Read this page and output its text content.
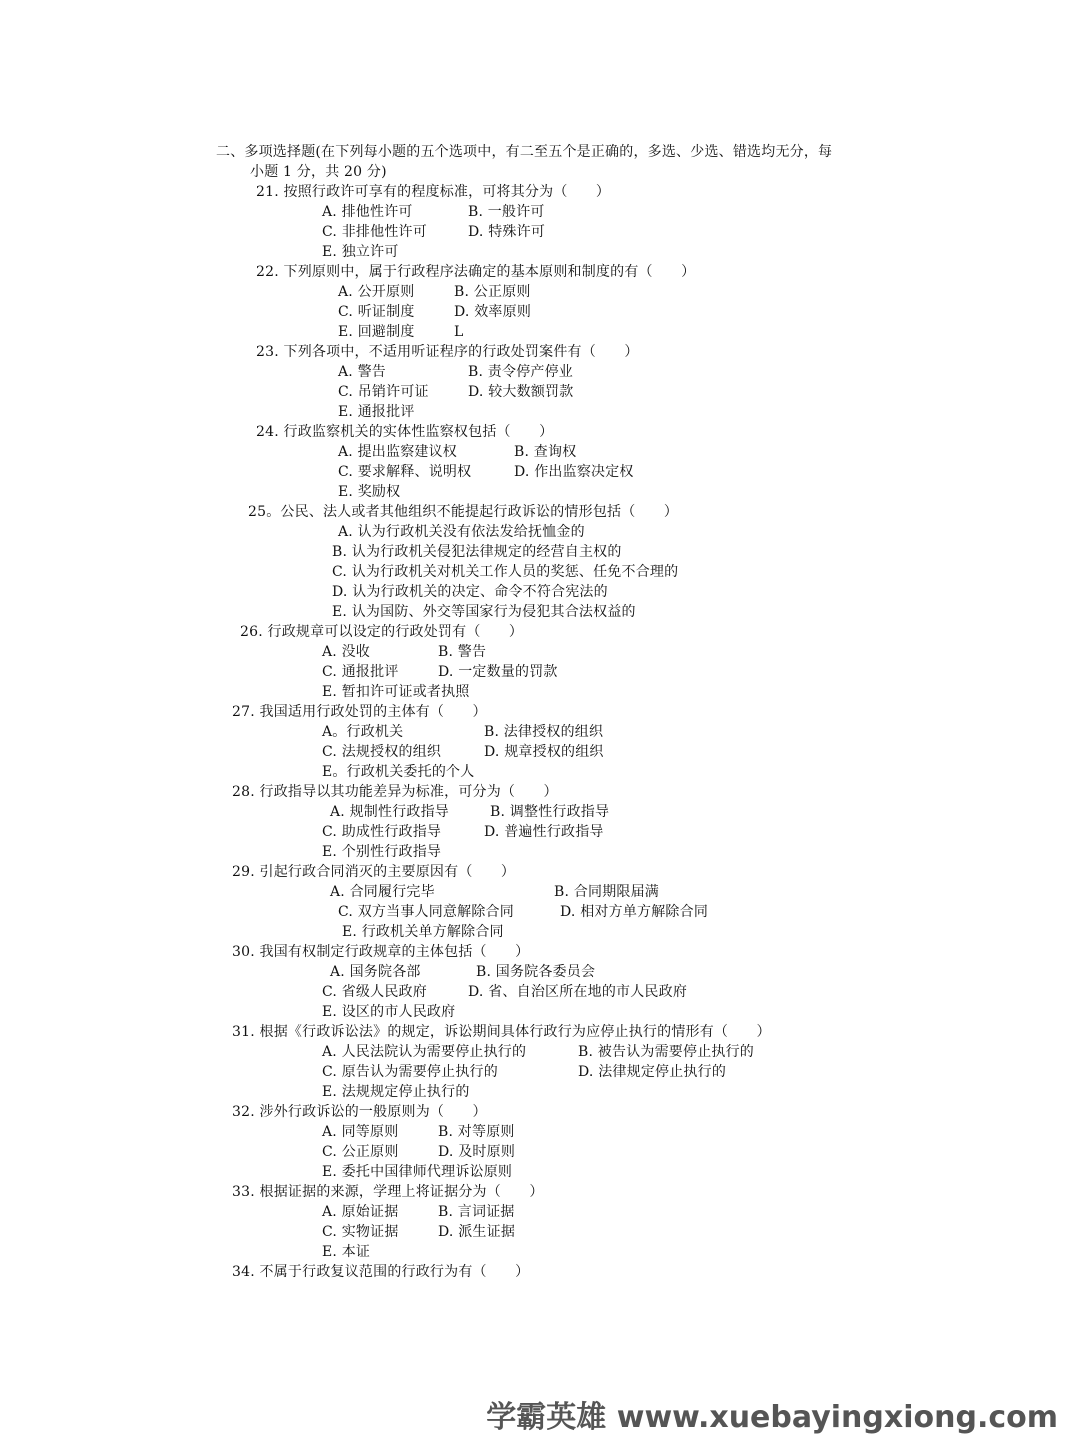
二、多项选择题(在下列每小题的五个选项中，有二至五个是正确的，多选、少选、错选均无分，每
小题 1 分，共 20 分)
21. 按照行政许可享有的程度标准，可将其分为（　　）
A. 排他性许可	B. 一般许可
C. 非排他性许可	D. 特殊许可
E. 独立许可
22. 下列原则中，属于行政程序法确定的基本原则和制度的有（　　）
A. 公开原则	B. 公正原则
C. 听证制度	D. 效率原则
E. 回避制度	L
23. 下列各项中，不适用听证程序的行政处罚案件有（　　）
A. 警告	B. 责令停产停业
C. 吊销许可证	D. 较大数额罚款
E. 通报批评
24. 行政监察机关的实体性监察权包括（　　）
A. 提出监察建议权	B. 查询权
C. 要求解释、说明权	D. 作出监察决定权
E. 奖励权
25。公民、法人或者其他组织不能提起行政诉讼的情形包括（　　）
A. 认为行政机关没有依法发给抚恤金的
B. 认为行政机关侵犯法律规定的经营自主权的
C. 认为行政机关对机关工作人员的奖惩、任免不合理的
D. 认为行政机关的决定、命令不符合宪法的
E. 认为国防、外交等国家行为侵犯其合法权益的
26. 行政规章可以设定的行政处罚有（　　）
A. 没收	B. 警告
C. 通报批评	D. 一定数量的罚款
E. 暂扣许可证或者执照
27. 我国适用行政处罚的主体有（　　）
A。行政机关	B. 法律授权的组织
C. 法规授权的组织	D. 规章授权的组织
E。行政机关委托的个人
28. 行政指导以其功能差异为标准，可分为（　　）
A. 规制性行政指导	B. 调整性行政指导
C. 助成性行政指导	D. 普遍性行政指导
E. 个别性行政指导
29. 引起行政合同消灭的主要原因有（　　）
A. 合同履行完毕	B. 合同期限届满
C. 双方当事人同意解除合同	D. 相对方单方解除合同
E. 行政机关单方解除合同
30. 我国有权制定行政规章的主体包括（　　）
A. 国务院各部	B. 国务院各委员会
C. 省级人民政府	D. 省、自治区所在地的市人民政府
E. 设区的市人民政府
31. 根据《行政诉讼法》的规定，诉讼期间具体行政行为应停止执行的情形有（　　）
A. 人民法院认为需要停止执行的	B. 被告认为需要停止执行的
C. 原告认为需要停止执行的	D. 法律规定停止执行的
E. 法规规定停止执行的
32. 涉外行政诉讼的一般原则为（　　）
A. 同等原则	B. 对等原则
C. 公正原则	D. 及时原则
E. 委托中国律师代理诉讼原则
33. 根据证据的来源，学理上将证据分为（　　）
A. 原始证据	B. 言词证据
C. 实物证据	D. 派生证据
E. 本证
34. 不属于行政复议范围的行政行为有（　　）
学霸英雄 www.xuebayingxiong.com
